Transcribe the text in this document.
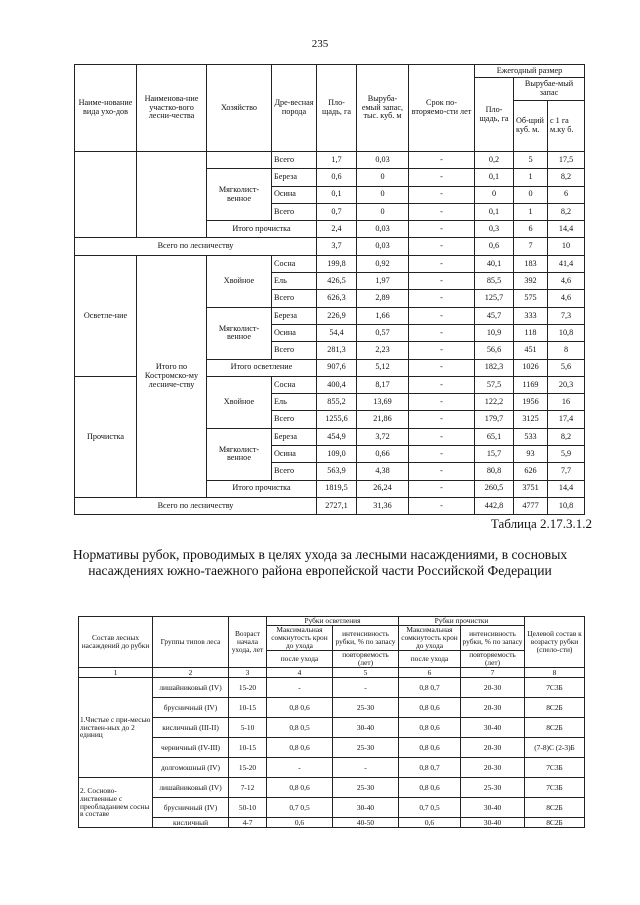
235
Наиме-нование вида ухо-дов	Наименова-ние участко-вого лесни-чества	Хозяйство	Дре-весная порода	Пло-щадь, га	Выруба-емый запас, тыс. куб. м	Срок по-вторяемо-сти лет	Ежегодный размер		
							Пло-щадь, га	Вырубае-мый запас	
								Об-щий куб. м.	с 1 га м.ку б.
			Всего	1,7	0,03	-	0,2	5	17,5
		Мягколист-венное	Береза	0,6	0	-	0,1	1	8,2
			Осина	0,1	0	-	0	0	6
			Всего	0,7	0	-	0,1	1	8,2
		Итого прочистка		2,4	0,03	-	0,3	6	14,4
Всего по лесничеству				3,7	0,03	-	0,6	7	10
Осветле-ние	Итого по Костромско-му лесниче-ству	Хвойное	Сосна	199,8	0,92	-	40,1	183	41,4
			Ель	426,5	1,97	-	85,5	392	4,6
			Всего	626,3	2,89	-	125,7	575	4,6
		Мягколист-венное	Береза	226,9	1,66	-	45,7	333	7,3
			Осина	54,4	0,57	-	10,9	118	10,8
			Всего	281,3	2,23	-	56,6	451	8
		Итого осветление		907,6	5,12	-	182,3	1026	5,6
Прочистка		Хвойное	Сосна	400,4	8,17	-	57,5	1169	20,3
			Ель	855,2	13,69	-	122,2	1956	16
			Всего	1255,6	21,86	-	179,7	3125	17,4
		Мягколист-венное	Береза	454,9	3,72	-	65,1	533	8,2
			Осина	109,0	0,66	-	15,7	93	5,9
			Всего	563,9	4,38	-	80,8	626	7,7
		Итого прочистка		1819,5	26,24	-	260,5	3751	14,4
Всего по лесничеству				2727,1	31,36	-	442,8	4777	10,8
Таблица 2.17.3.1.2
Нормативы рубок, проводимых в целях ухода за лесными насаждениями, в сосновых насаждениях южно-таежного района европейской части Российской Федерации
Состав лесных насаждений до рубки	Группы типов леса	Возраст начала ухода, лет	Рубки осветления		Рубки прочистки		Целевой состав к возрасту рубки (спело-сти)
			Максимальная сомкнутость крон до ухода	интенсивность рубки, % по запасу	Максимальная сомкнутость крон до ухода	интенсивность рубки, % по запасу	
			после ухода	повторяемость (лет)	после ухода	повторяемость (лет)	

1	2	3	4	5	6	7	8
1.Чистые с при-месью листвен-ных до 2 единиц	лишайниковый (IV)	15-20	-	-	0,8 0,7	20-30	7С3Б
	брусничный (IV)	10-15	0,8 0,6	25-30	0,8 0,6	20-30	8С2Б
	кисличный (III-II)	5-10	0,8 0,5	30-40	0,8 0,6	30-40	8С2Б
	черничный (IV-III)	10-15	0,8 0,6	25-30	0,8 0,6	20-30	(7-8)С (2-3)Б
	долгомошный (IV)	15-20	-	-	0,8 0,7	20-30	7С3Б
2. Сосново-лиственные с преобладанием сосны в составе	лишайниковый (IV)	7-12	0,8 0,6	25-30	0,8 0,6	25-30	7С3Б
	брусничный (IV)	50-10	0,7 0,5	30-40	0,7 0,5	30-40	8С2Б
	кисличный	4-7	0,6	40-50	0,6	30-40	8С2Б
